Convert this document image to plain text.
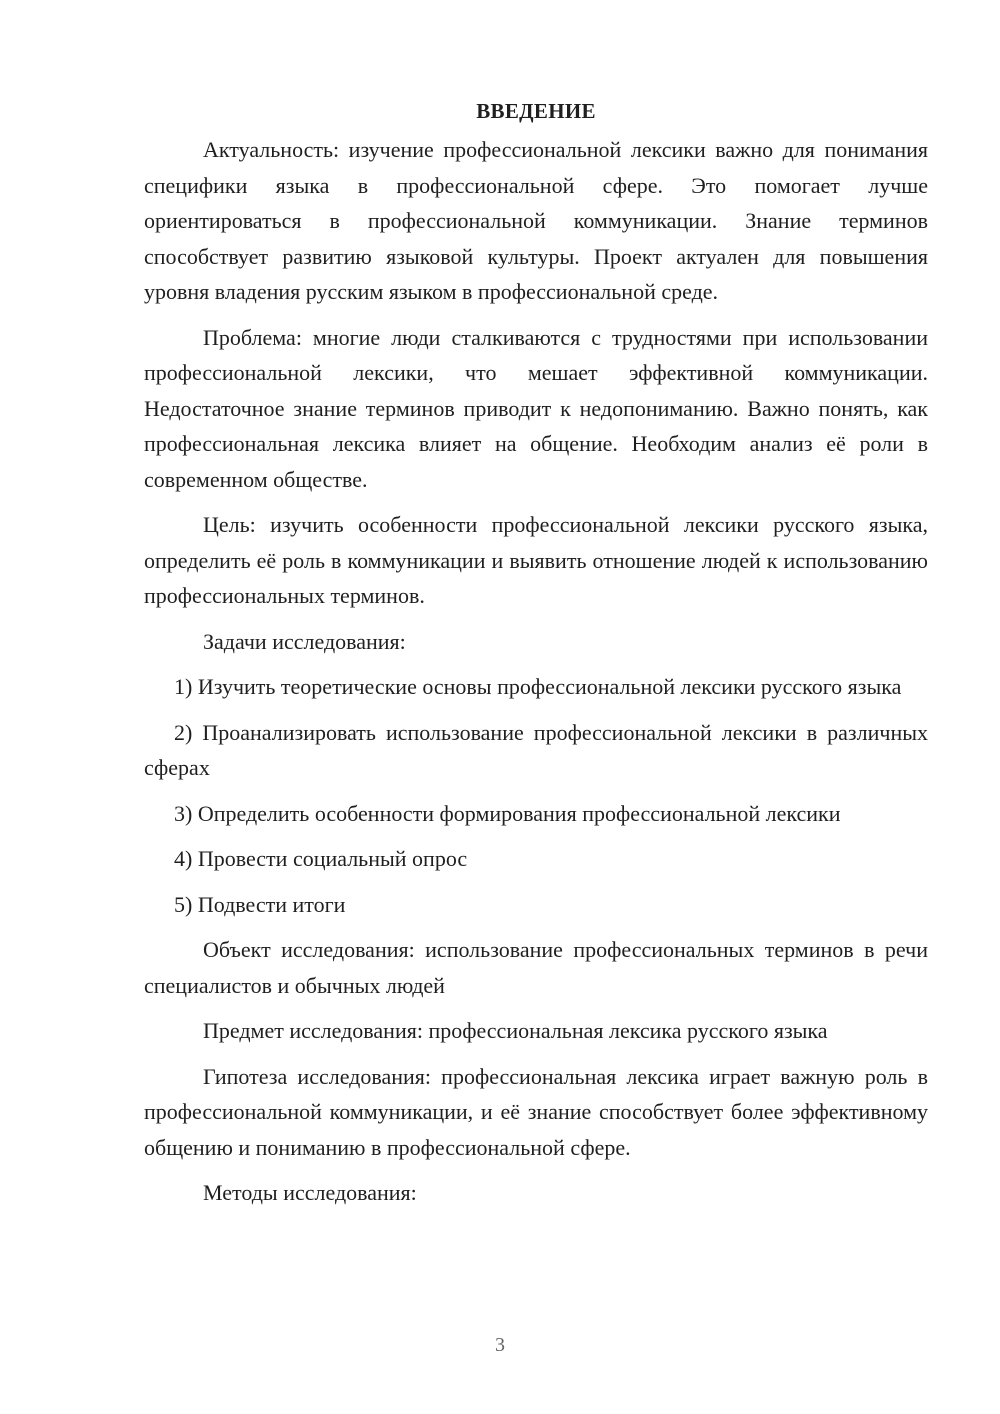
ВВЕДЕНИЕ

Актуальность: изучение профессиональной лексики важно для понимания специфики языка в профессиональной сфере. Это помогает лучше ориентироваться в профессиональной коммуникации. Знание терминов способствует развитию языковой культуры. Проект актуален для повышения уровня владения русским языком в профессиональной среде.

Проблема: многие люди сталкиваются с трудностями при использовании профессиональной лексики, что мешает эффективной коммуникации. Недостаточное знание терминов приводит к недопониманию. Важно понять, как профессиональная лексика влияет на общение. Необходим анализ её роли в современном обществе.

Цель: изучить особенности профессиональной лексики русского языка, определить её роль в коммуникации и выявить отношение людей к использованию профессиональных терминов.

Задачи исследования:

1) Изучить теоретические основы профессиональной лексики русского языка

2) Проанализировать использование профессиональной лексики в различных сферах

3) Определить особенности формирования профессиональной лексики

4) Провести социальный опрос

5) Подвести итоги

Объект исследования: использование профессиональных терминов в речи специалистов и обычных людей

Предмет исследования: профессиональная лексика русского языка

Гипотеза исследования: профессиональная лексика играет важную роль в профессиональной коммуникации, и её знание способствует более эффективному общению и пониманию в профессиональной сфере.

Методы исследования:

3
